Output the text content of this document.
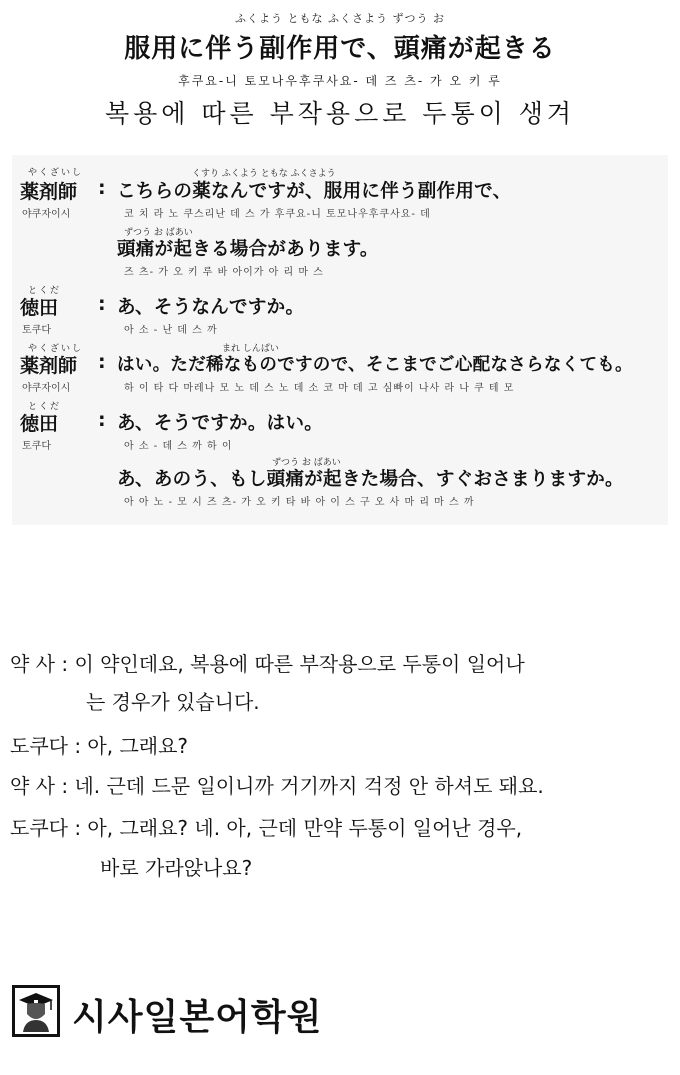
ふくよう ともな ふくさよう ずつう お
服用に伴う副作用で、頭痛が起きる
후쿠요-니 토모나우후쿠사요- 데 즈 츠- 가 오 키 루
복용에 따른 부작용으로 두통이 생겨
やくざいし
薬剤師 :
くすり ふくよう ともな ふくさよう
こちらの薬なんですが、服用に伴う副作用で、
야쿠자이시	코 치 라 노 쿠스리난 데 스 가 후쿠요-니 토모나우후쿠사요- 데
ずつう お ばあい
頭痛が起きる場合があります。
즈 츠- 가 오 키 루 바 아이가 아 리 마 스
とくだ
徳田 : あ、そうなんですか。
토쿠다	아 소 - 난 데 스 까
やくざいし
薬剤師 :
まれ しんぱい
はい。ただ稀なものですので、そこまでご心配なさらなくても。
야쿠자이시	하 이 타 다 마레나 모 노 데 스 노 데 소 코 마 데 고 심빠이 나사 라 나 쿠 테 모
とくだ
徳田 : あ、そうですか。はい。
토쿠다	아 소 - 데 스 까 하 이
ずつう お ばあい
あ、あのう、もし頭痛が起きた場合、すぐおさまりますか。
아 아 노 - 모 시 즈 츠- 가 오 키 타 바 아 이 스 구 오 사 마 리 마 스 까
약 사 : 이 약인데요, 복용에 따른 부작용으로 두통이 일어나
는 경우가 있습니다.
도쿠다 : 아, 그래요?
약 사 : 네. 근데 드문 일이니까 거기까지 걱정 안 하셔도 돼요.
도쿠다 : 아, 그래요? 네. 아, 근데 만약 두통이 일어난 경우,
바로 가라앉나요?
시사일본어학원
